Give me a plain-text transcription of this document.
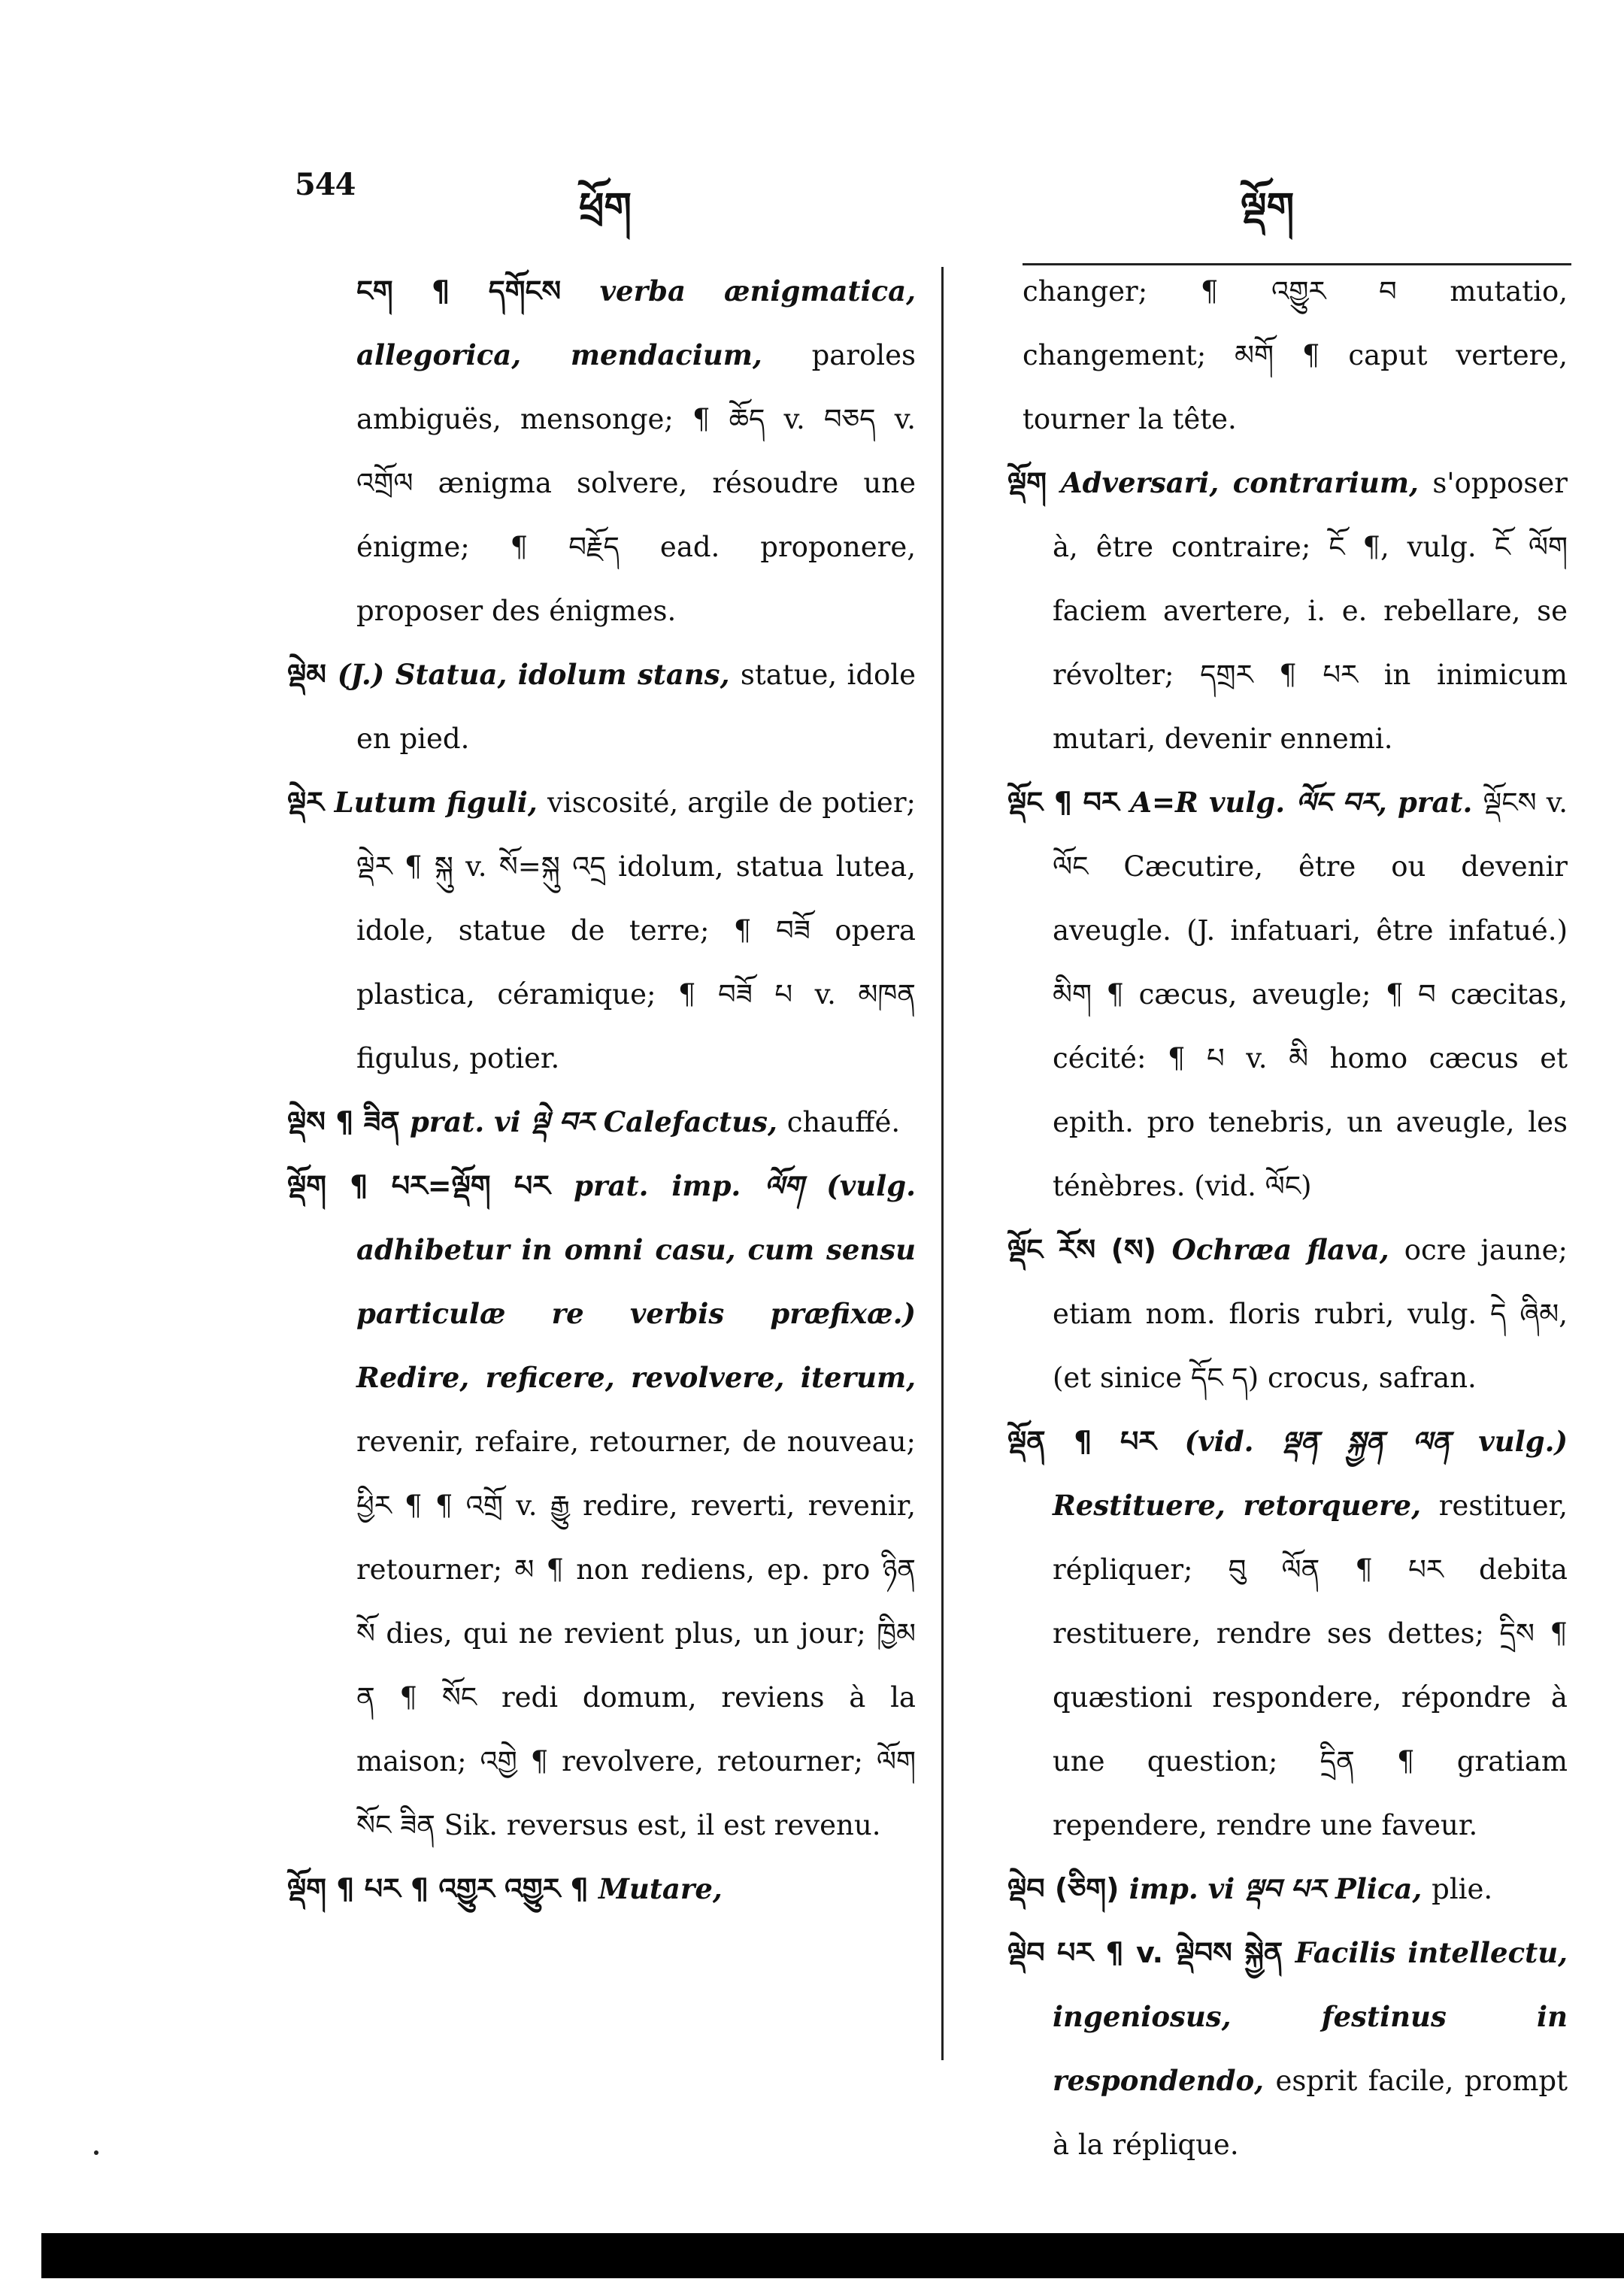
544
ཕྲོག	ལྡོག

ངག ¶ དགོངས verba ænigmatica, allegorica, mendacium, paroles ambiguës, mensonge; ¶ ཆོད v. བཅད v. འགྲོལ ænigma solvere, résoudre une énigme; ¶ བརྗོད ead. proponere, proposer des énigmes.

ལྡེམ (J.) Statua, idolum stans, statue, idole en pied.

ལྡེར Lutum figuli, viscosité, argile de potier; ལྡེར ¶ སྐུ v. སོ=སྐུ འདྲ idolum, statua lutea, idole, statue de terre; ¶ བཟོ opera plastica, céramique; ¶ བཟོ པ v. མཁན figulus, potier.

ལྡེས ¶ ཟིན prat. vi ལྡེ བར Calefactus, chauffé.

ལྡོག ¶ པར=ལྡོག པར prat. imp. ལོག (vulg. adhibetur in omni casu, cum sensu particulæ re verbis præfixæ.) Redire, reficere, revolvere, iterum, revenir, refaire, retourner, de nouveau; ཕྱིར ¶ ¶ འགྲོ v. རྒྱུ redire, reverti, revenir, retourner; མ ¶ non rediens, ep. pro ཉིན སོ dies, qui ne revient plus, un jour; ཁྱིམ ན ¶ སོང redi domum, reviens à la maison; འགྱེ ¶ revolvere, retourner; ལོག སོང ཟིན Sik. reversus est, il est revenu.

ལྡོག ¶ པར ¶ འགྱུར འགྱུར ¶ Mutare,

changer; ¶ འགྱུར བ mutatio, changement; མགོ ¶ caput vertere, tourner la tête.

ལྡོག Adversari, contrarium, s'opposer à, être contraire; ངོ ¶, vulg. ངོ ལོག faciem avertere, i. e. rebellare, se révolter; དགྲར ¶ པར in inimicum mutari, devenir ennemi.

ལྡོང ¶ བར A=R vulg. ལོང བར, prat. ལྡོངས v. ལོང Cæcutire, être ou devenir aveugle. (J. infatuari, être infatué.) མིག ¶ cæcus, aveugle; ¶ བ cæcitas, cécité: ¶ པ v. མི homo cæcus et epith. pro tenebris, un aveugle, les ténèbres. (vid. ལོང)

ལྡོང རོས (ས) Ochræa flava, ocre jaune; etiam nom. floris rubri, vulg. དེ ཞིམ, (et sinice དོང ད) crocus, safran.

ལྡོན ¶ པར (vid. ལྡན སྐྱན ལན vulg.) Restituere, retorquere, restituer, répliquer; བུ ལོན ¶ པར debita restituere, rendre ses dettes; དྲིས ¶ quæstioni respondere, répondre à une question; དྲིན ¶ gratiam rependere, rendre une faveur.

ལྡེབ (ཅིག) imp. vi ལྡབ པར Plica, plie.

ལྡེབ པར ¶ v. ལྡེབས སྐྱེན Facilis intellectu, ingeniosus, festinus in respondendo, esprit facile, prompt à la réplique.
